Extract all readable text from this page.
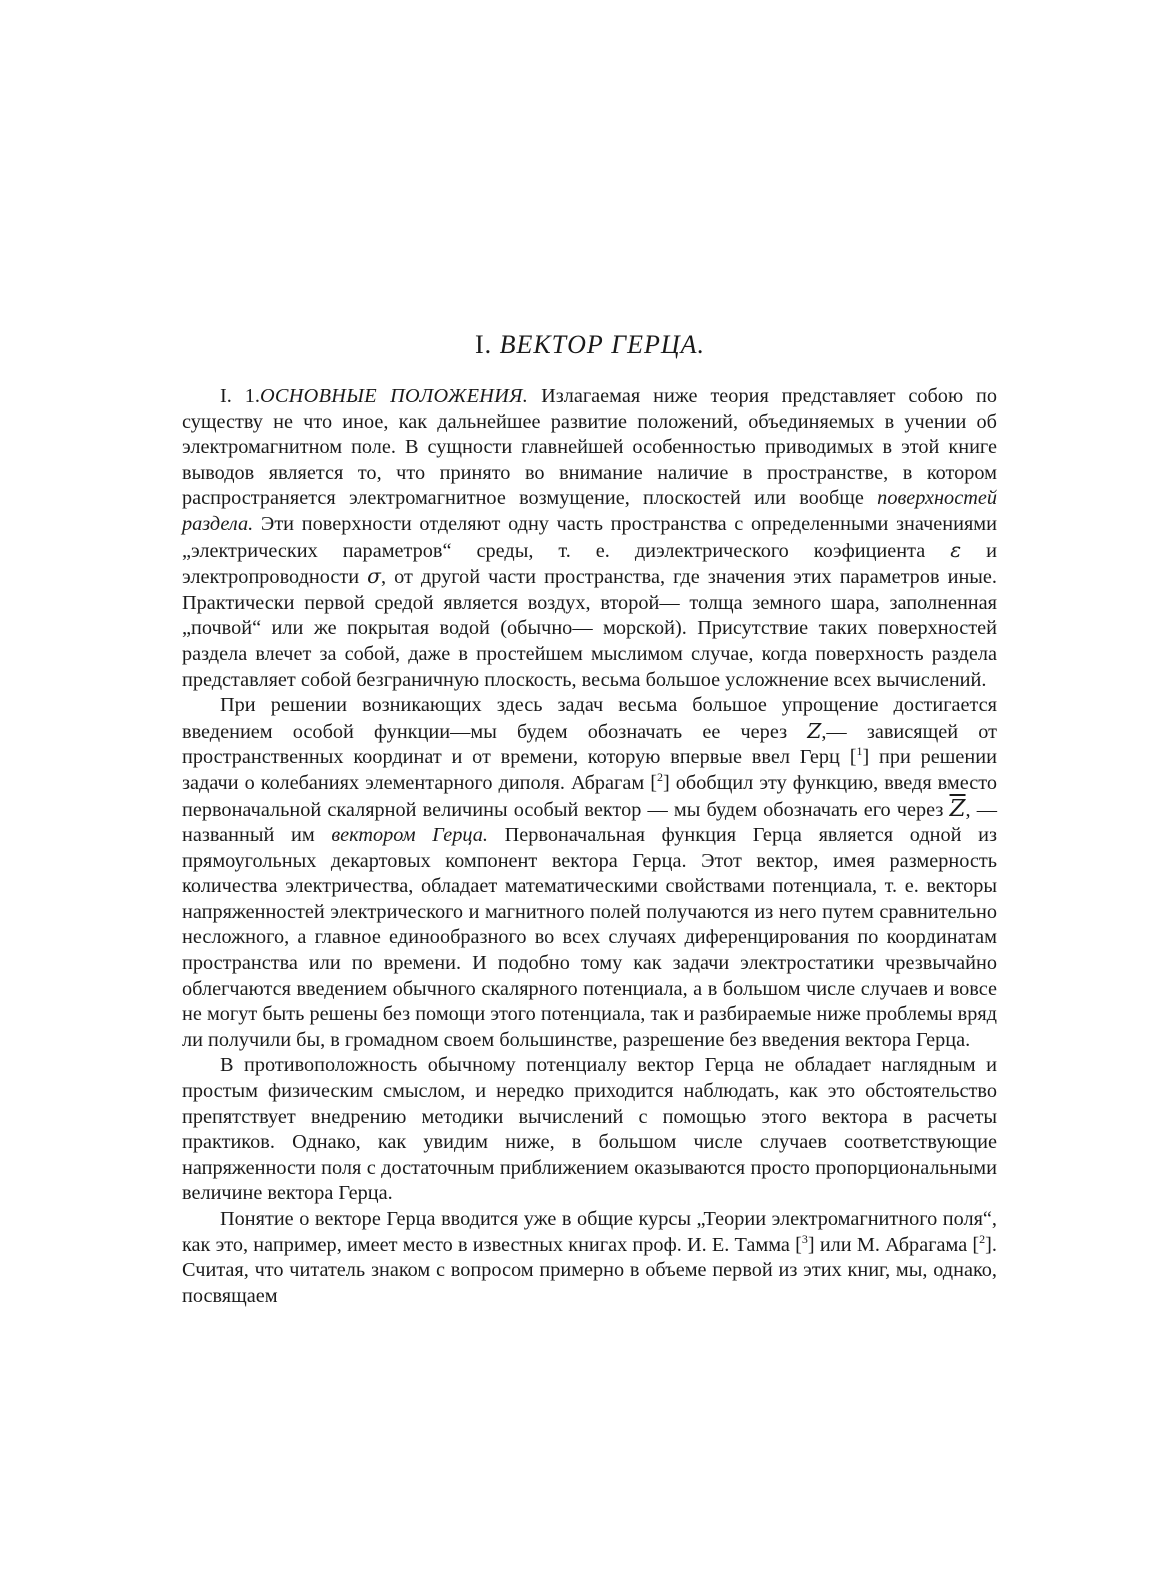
I. ВЕКТОР ГЕРЦА.

I. 1.ОСНОВНЫЕ ПОЛОЖЕНИЯ. Излагаемая ниже теория представляет собою по существу не что иное, как дальнейшее развитие положений, объединяемых в учении об электромагнитном поле. В сущности главнейшей особенностью приводимых в этой книге выводов является то, что принято во внимание наличие в пространстве, в котором распространяется электромагнитное возмущение, плоскостей или вообще поверхностей раздела. Эти поверхности отделяют одну часть пространства с определенными значениями „электрических параметров“ среды, т. е. диэлектрического коэфициента ε и электропроводности σ, от другой части пространства, где значения этих параметров иные. Практически первой средой является воздух, второй— толща земного шара, заполненная „почвой“ или же покрытая водой (обычно— морской). Присутствие таких поверхностей раздела влечет за собой, даже в простейшем мыслимом случае, когда поверхность раздела представляет собой безграничную плоскость, весьма большое усложнение всех вычислений.

При решении возникающих здесь задач весьма большое упрощение достигается введением особой функции—мы будем обозначать ее через Z,— зависящей от пространственных координат и от времени, которую впервые ввел Герц [$^1$] при решении задачи о колебаниях элементарного диполя. Абрагам [$^2$] обобщил эту функцию, введя вместо первоначальной скалярной величины особый вектор — мы будем обозначать его через $\overline{Z}$, — названный им вектором Герца. Первоначальная функция Герца является одной из прямоугольных декартовых компонент вектора Герца. Этот вектор, имея размерность количества электричества, обладает математическими свойствами потенциала, т. е. векторы напряженностей электрического и магнитного полей получаются из него путем сравнительно несложного, а главное единообразного во всех случаях диференцирования по координатам пространства или по времени. И подобно тому как задачи электростатики чрезвычайно облегчаются введением обычного скалярного потенциала, а в большом числе случаев и вовсе не могут быть решены без помощи этого потенциала, так и разбираемые ниже проблемы вряд ли получили бы, в громадном своем большинстве, разрешение без введения вектора Герца.

В противоположность обычному потенциалу вектор Герца не обладает наглядным и простым физическим смыслом, и нередко приходится наблюдать, как это обстоятельство препятствует внедрению методики вычислений с помощью этого вектора в расчеты практиков. Однако, как увидим ниже, в большом числе случаев соответствующие напряженности поля с достаточным приближением оказываются просто пропорциональными величине вектора Герца.

Понятие о векторе Герца вводится уже в общие курсы „Теории электромагнитного поля“, как это, например, имеет место в известных книгах проф. И. Е. Тамма [$^3$] или М. Абрагама [$^2$]. Считая, что читатель знаком с вопросом примерно в объеме первой из этих книг, мы, однако, посвящаем
